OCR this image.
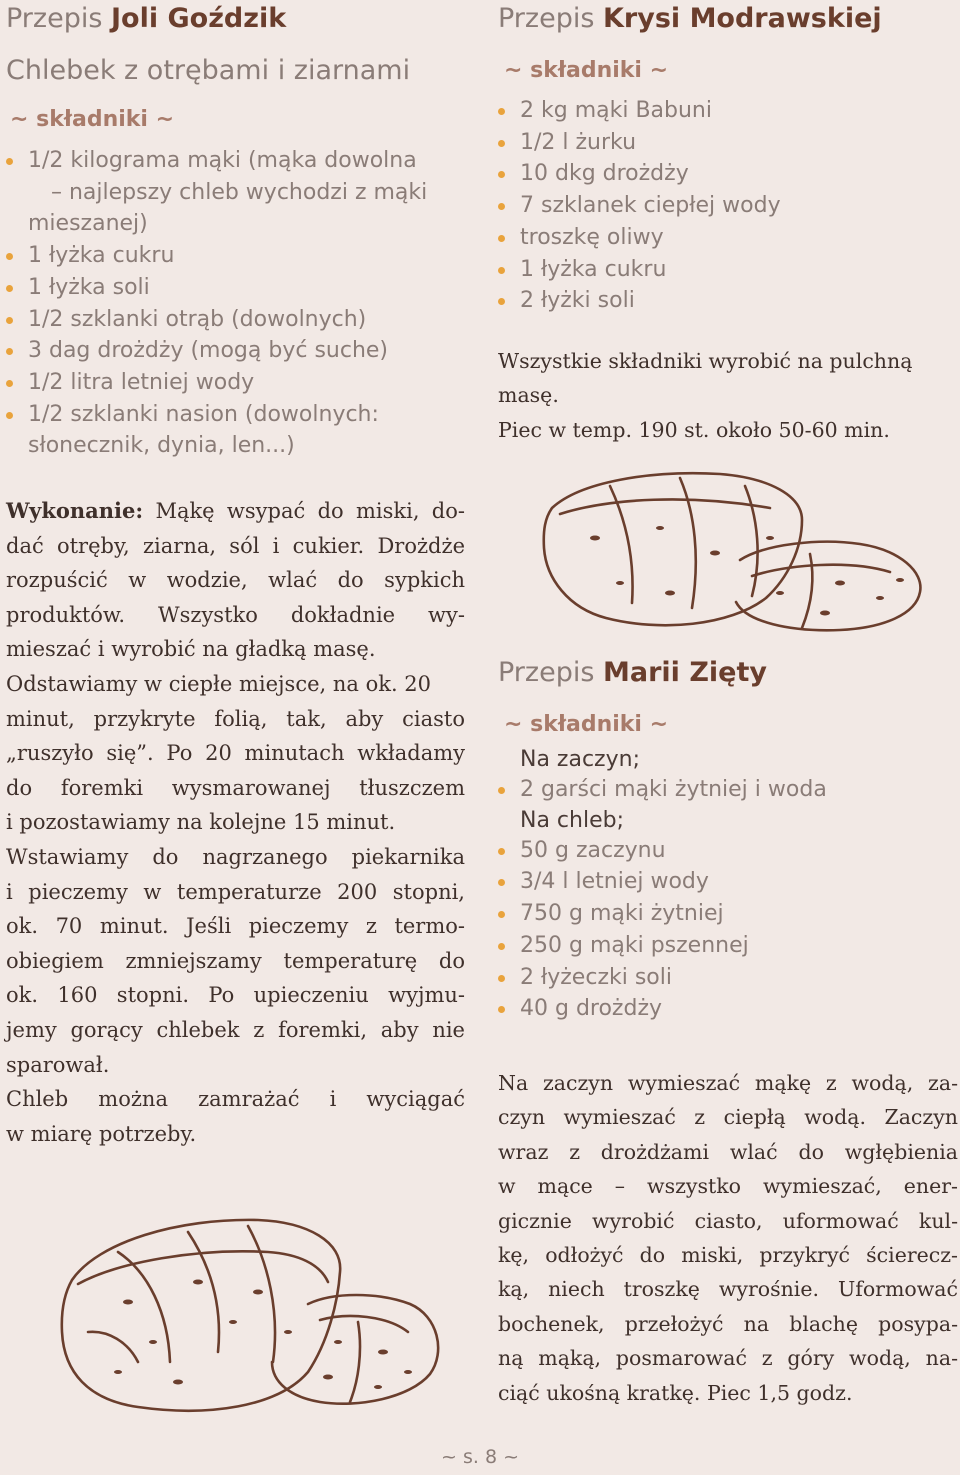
Przepis Joli Goździk
Chlebek z otrębami i ziarnami
~ składniki ~
1/2 kilograma mąki (mąka dowolna
– najlepszy chleb wychodzi z mąki
mieszanej)
1 łyżka cukru
1 łyżka soli
1/2 szklanki otrąb (dowolnych)
3 dag drożdży (mogą być suche)
1/2 litra letniej wody
1/2 szklanki nasion (dowolnych:
słonecznik, dynia, len...)
Wykonanie: Mąkę wsypać do miski, do-
dać otręby, ziarna, sól i cukier. Drożdże
rozpuścić w wodzie, wlać do sypkich
produktów. Wszystko dokładnie wy-
mieszać i wyrobić na gładką masę.
Odstawiamy w ciepłe miejsce, na ok. 20
minut, przykryte folią, tak, aby ciasto
„ruszyło się”. Po 20 minutach wkładamy
do foremki wysmarowanej tłuszczem
i pozostawiamy na kolejne 15 minut.
Wstawiamy do nagrzanego piekarnika
i pieczemy w temperaturze 200 stopni,
ok. 70 minut. Jeśli pieczemy z termo-
obiegiem zmniejszamy temperaturę do
ok. 160 stopni. Po upieczeniu wyjmu-
jemy gorący chlebek z foremki, aby nie
sparował.
Chleb można zamrażać i wyciągać
w miarę potrzeby.
Przepis Krysi Modrawskiej
~ składniki ~
2 kg mąki Babuni
1/2 l żurku
10 dkg drożdży
7 szklanek ciepłej wody
troszkę oliwy
1 łyżka cukru
2 łyżki soli
Wszystkie składniki wyrobić na pulchną
masę.
Piec w temp. 190 st. około 50-60 min.
Przepis Marii Zięty
~ składniki ~
Na zaczyn;
2 garści mąki żytniej i woda
Na chleb;
50 g zaczynu
3/4 l letniej wody
750 g mąki żytniej
250 g mąki pszennej
2 łyżeczki soli
40 g drożdży
Na zaczyn wymieszać mąkę z wodą, za-
czyn wymieszać z ciepłą wodą. Zaczyn
wraz z drożdżami wlać do wgłębienia
w mące – wszystko wymieszać, ener-
gicznie wyrobić ciasto, uformować kul-
kę, odłożyć do miski, przykryć ścierecz-
ką, niech troszkę wyrośnie. Uformować
bochenek, przełożyć na blachę posypa-
ną mąką, posmarować z góry wodą, na-
ciąć ukośną kratkę. Piec 1,5 godz.
~ s. 8 ~
